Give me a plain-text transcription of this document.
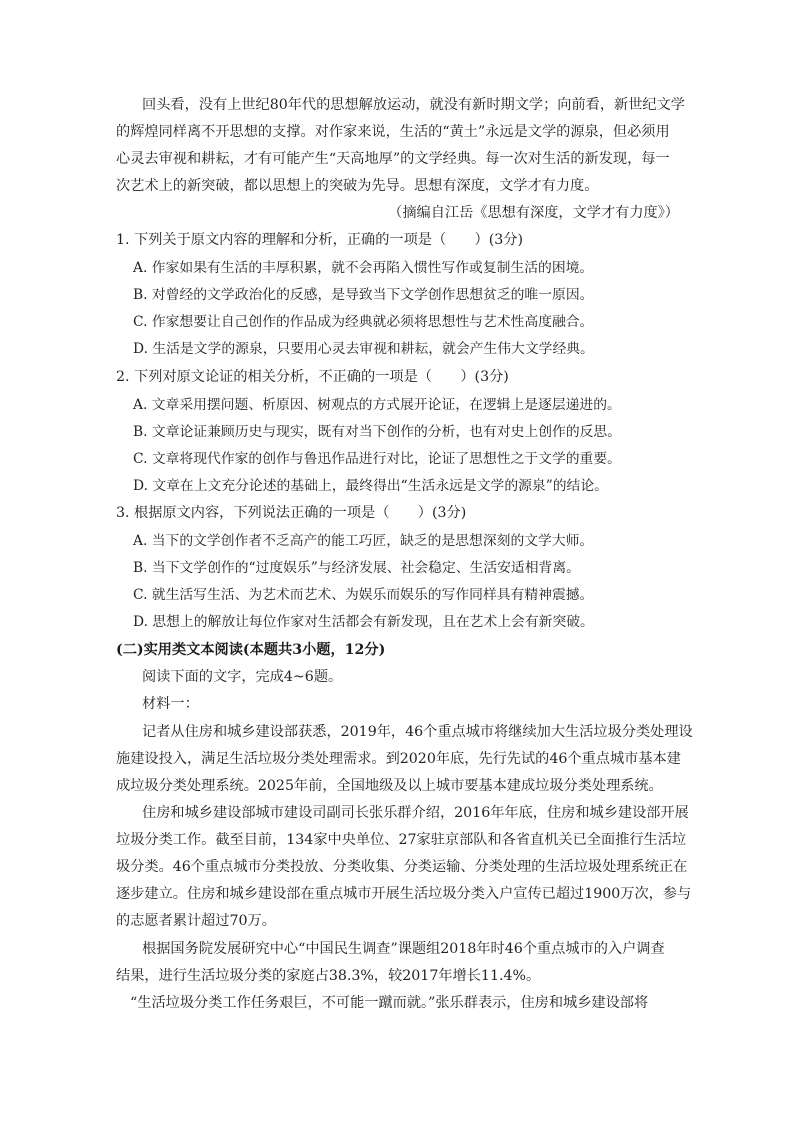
回头看，没有上世纪80年代的思想解放运动，就没有新时期文学；向前看，新世纪文学
的辉煌同样离不开思想的支撑。对作家来说，生活的“黄土”永远是文学的源泉，但必须用
心灵去审视和耕耘，才有可能产生“天高地厚”的文学经典。每一次对生活的新发现，每一
次艺术上的新突破，都以思想上的突破为先导。思想有深度，文学才有力度。
（摘编自江岳《思想有深度，文学才有力度》）
1. 下列关于原文内容的理解和分析，正确的一项是（　　）(3分)
A. 作家如果有生活的丰厚积累，就不会再陷入惯性写作或复制生活的困境。
B. 对曾经的文学政治化的反感，是导致当下文学创作思想贫乏的唯一原因。
C. 作家想要让自己创作的作品成为经典就必须将思想性与艺术性高度融合。
D. 生活是文学的源泉，只要用心灵去审视和耕耘，就会产生伟大文学经典。
2. 下列对原文论证的相关分析，不正确的一项是（　　）(3分)
A. 文章采用摆问题、析原因、树观点的方式展开论证，在逻辑上是逐层递进的。
B. 文章论证兼顾历史与现实，既有对当下创作的分析，也有对史上创作的反思。
C. 文章将现代作家的创作与鲁迅作品进行对比，论证了思想性之于文学的重要。
D. 文章在上文充分论述的基础上，最终得出“生活永远是文学的源泉”的结论。
3. 根据原文内容，下列说法正确的一项是（　　）(3分)
A. 当下的文学创作者不乏高产的能工巧匠，缺乏的是思想深刻的文学大师。
B. 当下文学创作的“过度娱乐”与经济发展、社会稳定、生活安适相背离。
C. 就生活写生活、为艺术而艺术、为娱乐而娱乐的写作同样具有精神震撼。
D. 思想上的解放让每位作家对生活都会有新发现，且在艺术上会有新突破。
(二)实用类文本阅读(本题共3小题，12分)
阅读下面的文字，完成4~6题。
材料一：
记者从住房和城乡建设部获悉，2019年，46个重点城市将继续加大生活垃圾分类处理设
施建设投入，满足生活垃圾分类处理需求。到2020年底，先行先试的46个重点城市基本建
成垃圾分类处理系统。2025年前，全国地级及以上城市要基本建成垃圾分类处理系统。
住房和城乡建设部城市建设司副司长张乐群介绍，2016年年底，住房和城乡建设部开展
垃圾分类工作。截至目前，134家中央单位、27家驻京部队和各省直机关已全面推行生活垃
圾分类。46个重点城市分类投放、分类收集、分类运输、分类处理的生活垃圾处理系统正在
逐步建立。住房和城乡建设部在重点城市开展生活垃圾分类入户宣传已超过1900万次，参与
的志愿者累计超过70万。
根据国务院发展研究中心“中国民生调查”课题组2018年时46个重点城市的入户调查
结果，进行生活垃圾分类的家庭占38.3%，较2017年增长11.4%。
“生活垃圾分类工作任务艰巨，不可能一蹴而就。”张乐群表示，住房和城乡建设部将
